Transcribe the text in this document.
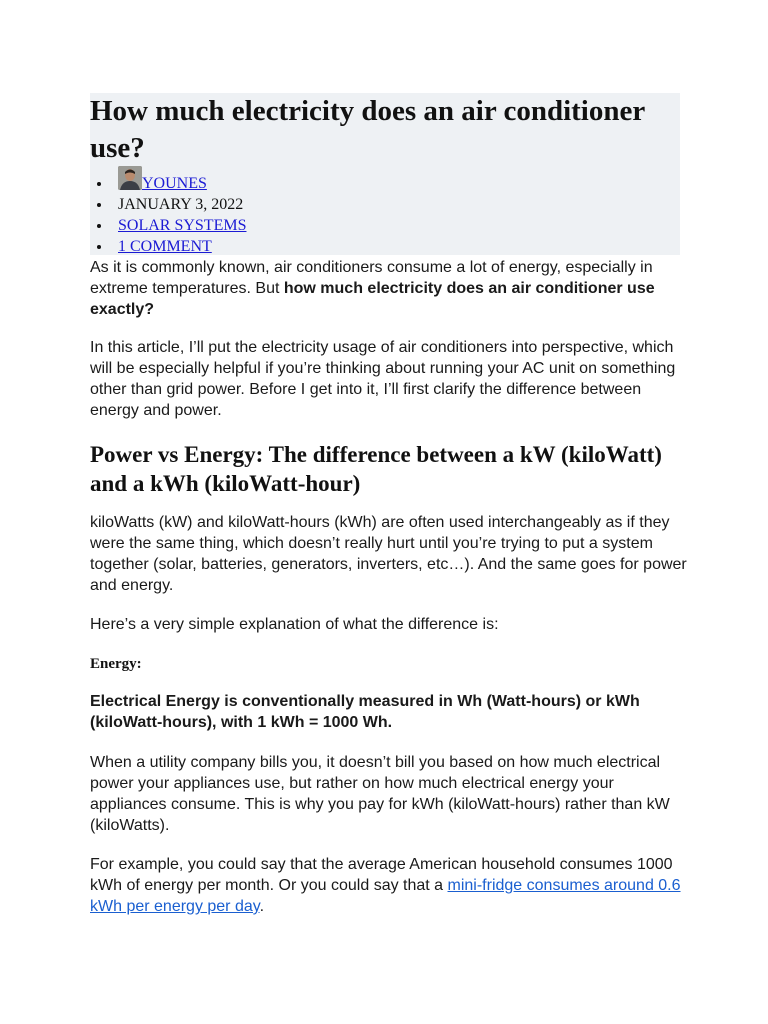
How much electricity does an air conditioner use?
• YOUNES
• JANUARY 3, 2022
• SOLAR SYSTEMS
• 1 COMMENT

As it is commonly known, air conditioners consume a lot of energy, especially in extreme temperatures. But how much electricity does an air conditioner use exactly?

In this article, I’ll put the electricity usage of air conditioners into perspective, which will be especially helpful if you’re thinking about running your AC unit on something other than grid power. Before I get into it, I’ll first clarify the difference between energy and power.

Power vs Energy: The difference between a kW (kiloWatt) and a kWh (kiloWatt-hour)

kiloWatts (kW) and kiloWatt-hours (kWh) are often used interchangeably as if they were the same thing, which doesn’t really hurt until you’re trying to put a system together (solar, batteries, generators, inverters, etc…). And the same goes for power and energy.

Here’s a very simple explanation of what the difference is:

Energy:

Electrical Energy is conventionally measured in Wh (Watt-hours) or kWh (kiloWatt-hours), with 1 kWh = 1000 Wh.

When a utility company bills you, it doesn’t bill you based on how much electrical power your appliances use, but rather on how much electrical energy your appliances consume. This is why you pay for kWh (kiloWatt-hours) rather than kW (kiloWatts).

For example, you could say that the average American household consumes 1000 kWh of energy per month. Or you could say that a mini-fridge consumes around 0.6 kWh per energy per day.
